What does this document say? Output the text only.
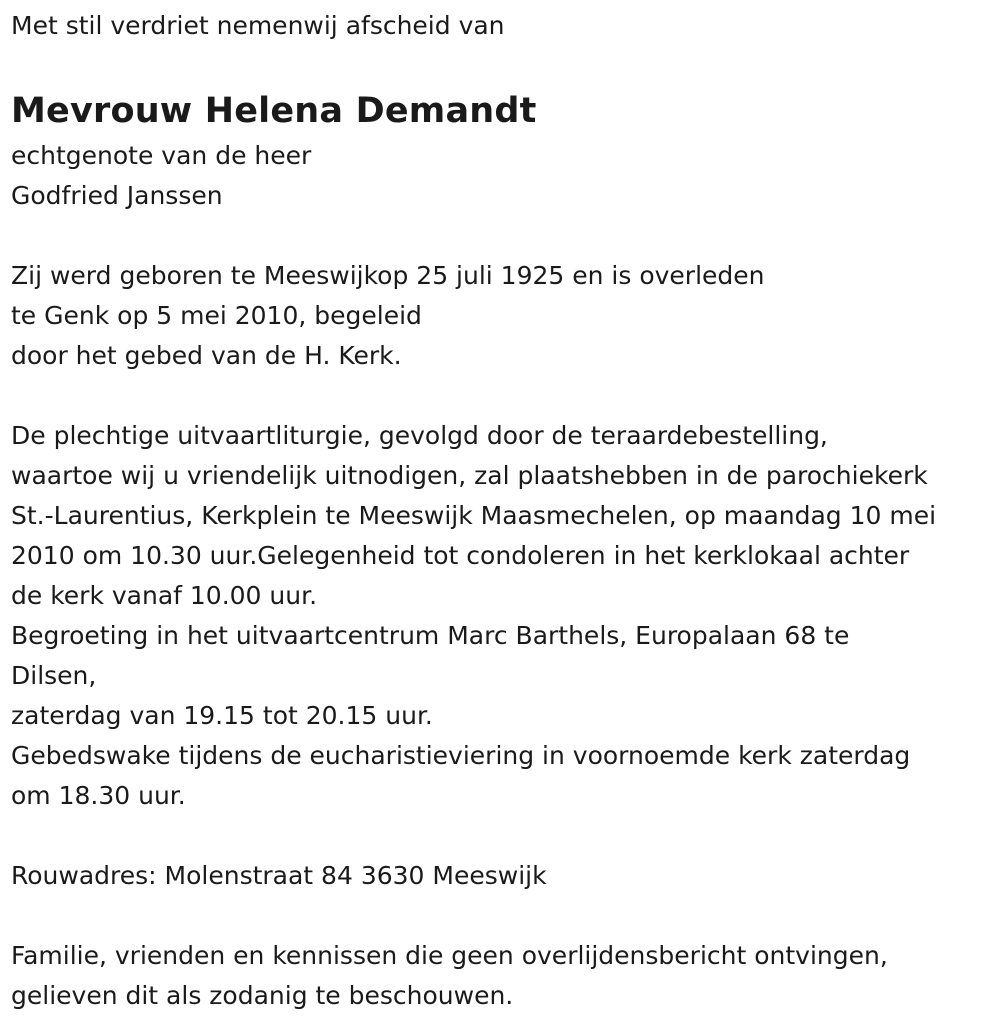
Met stil verdriet nemenwij afscheid van
Mevrouw Helena Demandt
echtgenote van de heer
Godfried Janssen
Zij werd geboren te Meeswijkop 25 juli 1925 en is overleden
te Genk op 5 mei 2010, begeleid
door het gebed van de H. Kerk.
De plechtige uitvaartliturgie, gevolgd door de teraardebestelling,
waartoe wij u vriendelijk uitnodigen, zal plaatshebben in de parochiekerk
St.-Laurentius, Kerkplein te Meeswijk Maasmechelen, op maandag 10 mei
2010 om 10.30 uur.Gelegenheid tot condoleren in het kerklokaal achter
de kerk vanaf 10.00 uur.
Begroeting in het uitvaartcentrum Marc Barthels, Europalaan 68 te
Dilsen,
zaterdag van 19.15 tot 20.15 uur.
Gebedswake tijdens de eucharistieviering in voornoemde kerk zaterdag
om 18.30 uur.
Rouwadres: Molenstraat 84 3630 Meeswijk
Familie, vrienden en kennissen die geen overlijdensbericht ontvingen,
gelieven dit als zodanig te beschouwen.
